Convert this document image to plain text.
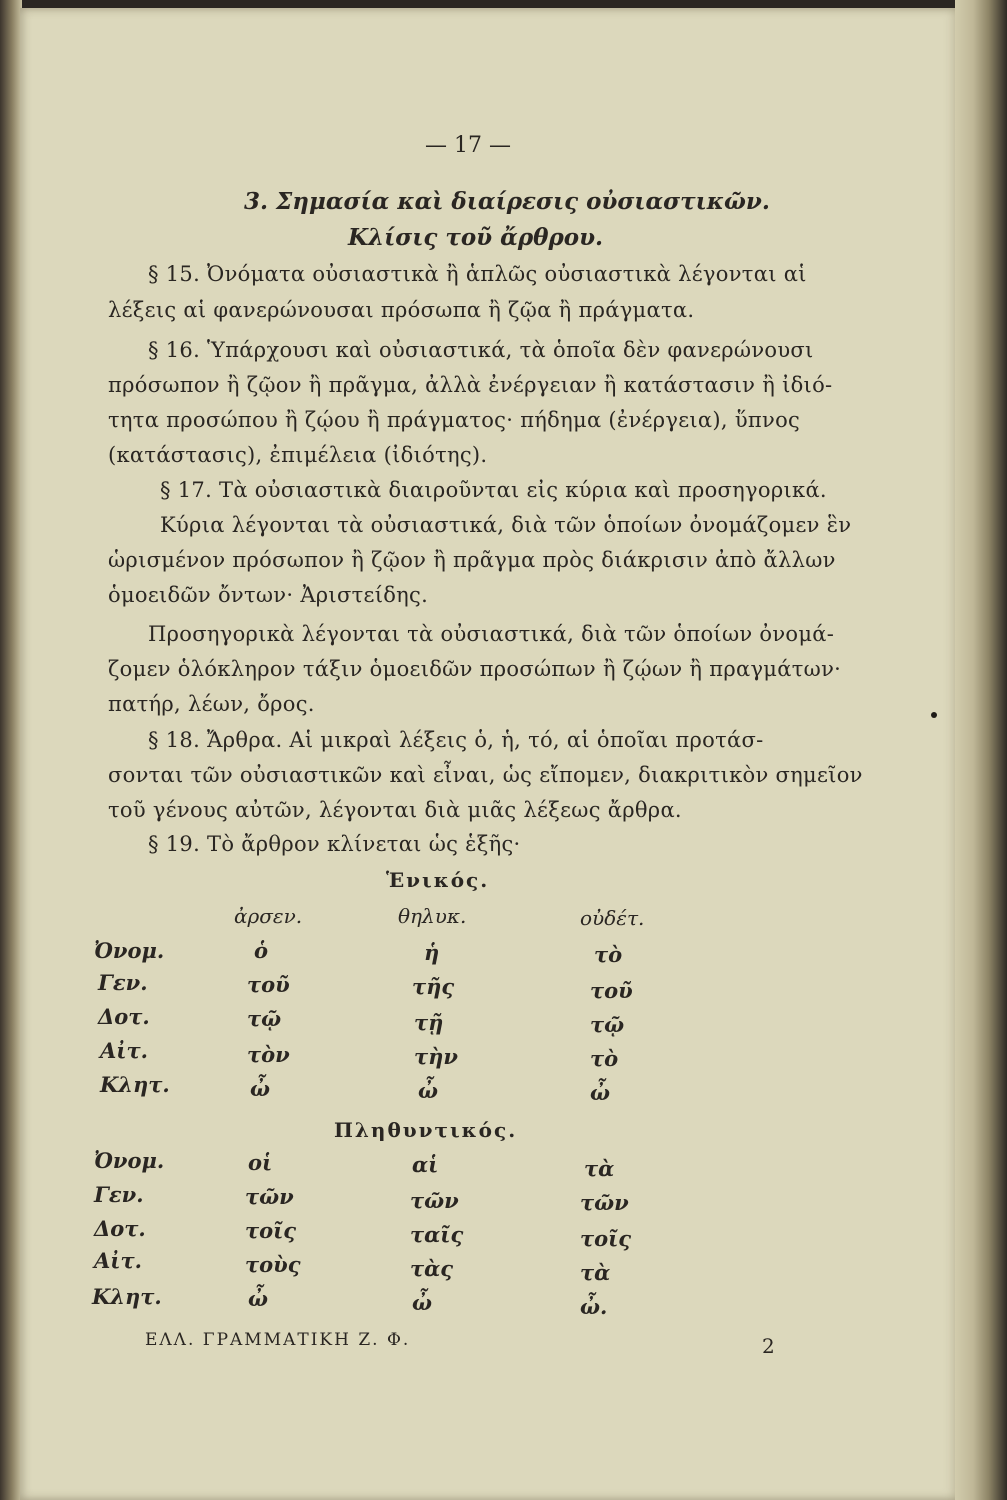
— 17 —
3. Σημασία καὶ διαίρεσις οὐσιαστικῶν.
Κλίσις τοῦ ἄρθρου.
§ 15. Ὀνόματα οὐσιαστικὰ ἢ ἁπλῶς οὐσιαστικὰ λέγονται αἱ
λέξεις αἱ φανερώνουσαι πρόσωπα ἢ ζῷα ἢ πράγματα.
§ 16. Ὑπάρχουσι καὶ οὐσιαστικά, τὰ ὁποῖα δὲν φανερώνουσι
πρόσωπον ἢ ζῷον ἢ πρᾶγμα, ἀλλὰ ἐνέργειαν ἢ κατάστασιν ἢ ἰδιό-
τητα προσώπου ἢ ζῴου ἢ πράγματος· πήδημα (ἐνέργεια), ὕπνος
(κατάστασις), ἐπιμέλεια (ἰδιότης).
§ 17. Τὰ οὐσιαστικὰ διαιροῦνται εἰς κύρια καὶ προσηγορικά.
Κύρια λέγονται τὰ οὐσιαστικά, διὰ τῶν ὁποίων ὀνομάζομεν ἓν
ὡρισμένον πρόσωπον ἢ ζῷον ἢ πρᾶγμα πρὸς διάκρισιν ἀπὸ ἄλλων
ὁμοειδῶν ὄντων· Ἀριστείδης.
Προσηγορικὰ λέγονται τὰ οὐσιαστικά, διὰ τῶν ὁποίων ὀνομά-
ζομεν ὁλόκληρον τάξιν ὁμοειδῶν προσώπων ἢ ζῴων ἢ πραγμάτων·
πατήρ, λέων, ὄρος.
§ 18. Ἄρθρα. Αἱ μικραὶ λέξεις ὁ, ἡ, τό, αἱ ὁποῖαι προτάσ-
σονται τῶν οὐσιαστικῶν καὶ εἶναι, ὡς εἴπομεν, διακριτικὸν σημεῖον
τοῦ γένους αὐτῶν, λέγονται διὰ μιᾶς λέξεως ἄρθρα.
§ 19. Τὸ ἄρθρον κλίνεται ὡς ἑξῆς·
Ἑνικός.
ἀρσεν.	θηλυκ.	οὐδέτ.
Ὀνομ.	ὁ	ἡ	τὸ
Γεν.	τοῦ	τῆς	τοῦ
Δοτ.	τῷ	τῇ	τῷ
Αἰτ.	τὸν	τὴν	τὸ
Κλητ.	ὦ	ὦ	ὦ
Πληθυντικός.
Ὀνομ.	οἱ	αἱ	τὰ
Γεν.	τῶν	τῶν	τῶν
Δοτ.	τοῖς	ταῖς	τοῖς
Αἰτ.	τοὺς	τὰς	τὰ
Κλητ.	ὦ	ὦ	ὦ.
ΕΛΛ. ΓΡΑΜΜΑΤΙΚΗ Ζ. Φ.	2
